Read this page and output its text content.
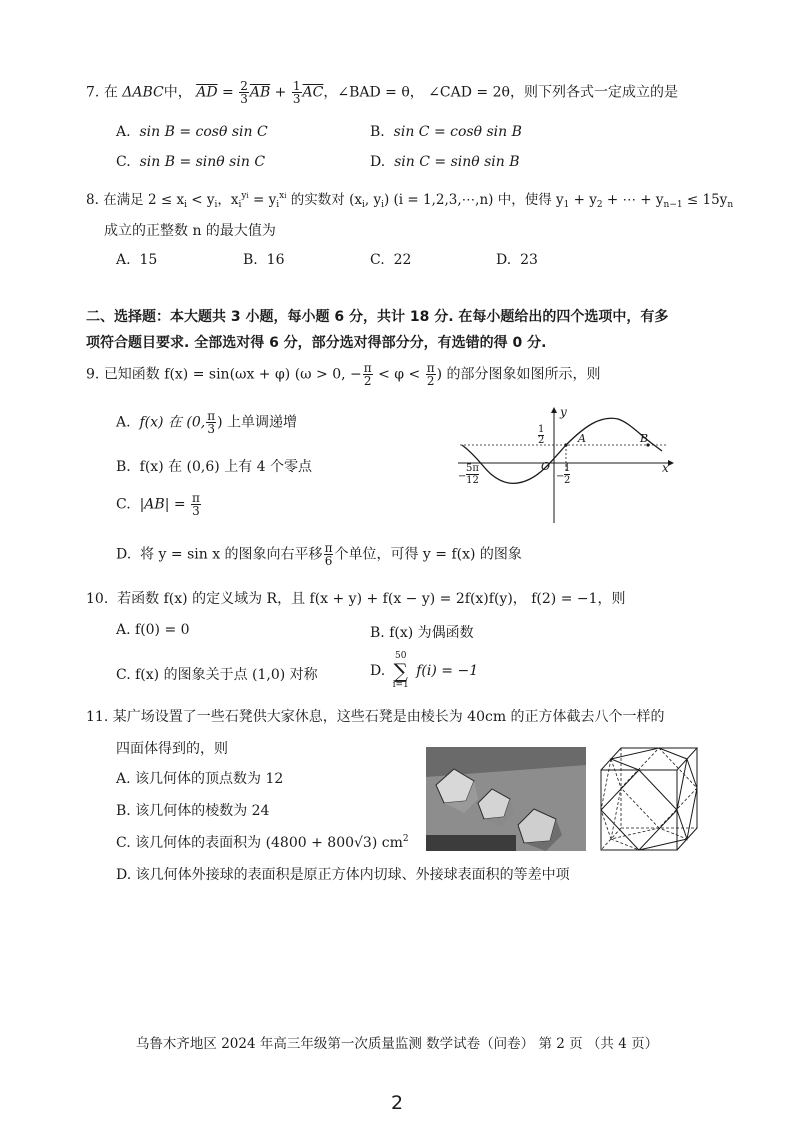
7. 在 ΔABC中， $\overline{AD} = \frac{2}{3} \overline{AB} + \frac{1}{3} \overline{AC}$，∠BAD = θ， ∠CAD = 2θ，则下列各式一定成立的是
A. sin B = cosθ sin C	B. sin C = cosθ sin B
C. sin B = sinθ sin C	D. sin C = sinθ sin B
8. 在满足 $2 \le x_i < y_i$，$x_i^{yi} = y_i^{xi}$ 的实数对 ($x_i$, $y_i$) (i = 1,2,3,⋯,n) 中，使得 $y_1 + y_2$ + ⋯ + $y_{n-1} \le 15y_n$
成立的正整数 n 的最大值为
A. 15	B. 16	C. 22	D. 23
二、选择题：本大题共 3 小题，每小题 6 分，共计 18 分. 在每小题给出的四个选项中，有多
项符合题目要求. 全部选对得 6 分，部分选对得部分分，有选错的得 0 分.
9. 已知函数 f(x) = sin(ωx + φ) (ω > 0, − $\frac{\pi}{2} < \varphi < \frac{\pi}{2}$ ) 的部分图象如图所示，则
A. f(x) 在 (0, $\frac{\pi}{3}$ ) 上单调递增
B. f(x) 在 (0,6) 上有 4 个零点
C. $|AB| = \frac{\pi}{3}$
D. 将 y = sin x 的图象向右平移 $\frac{\pi}{6}$ 个单位，可得 y = f(x) 的图象
y
x
O
A	B
$\frac{1}{2}$
− $\frac{5\pi}{12}$	− $\frac{1}{2}$
10. 若函数 f(x) 的定义域为 R，且 f(x + y) + f(x − y) = 2f(x)f(y)， f(2) = −1，则
A. f(0) = 0	B. f(x) 为偶函数
C. f(x) 的图象关于点 (1,0) 对称	D.
50
∑
i=1
f(i) = −1
11. 某广场设置了一些石凳供大家休息，这些石凳是由棱长为 40cm 的正方体截去八个一样的
四面体得到的，则
A. 该几何体的顶点数为 12
B. 该几何体的棱数为 24
C. 该几何体的表面积为 (4800 + 800√3) $cm^2$
D. 该几何体外接球的表面积是原正方体内切球、外接球表面积的等差中项
乌鲁木齐地区 2024 年高三年级第一次质量监测 数学试卷（问卷） 第 2 页 （共 4 页）
2
